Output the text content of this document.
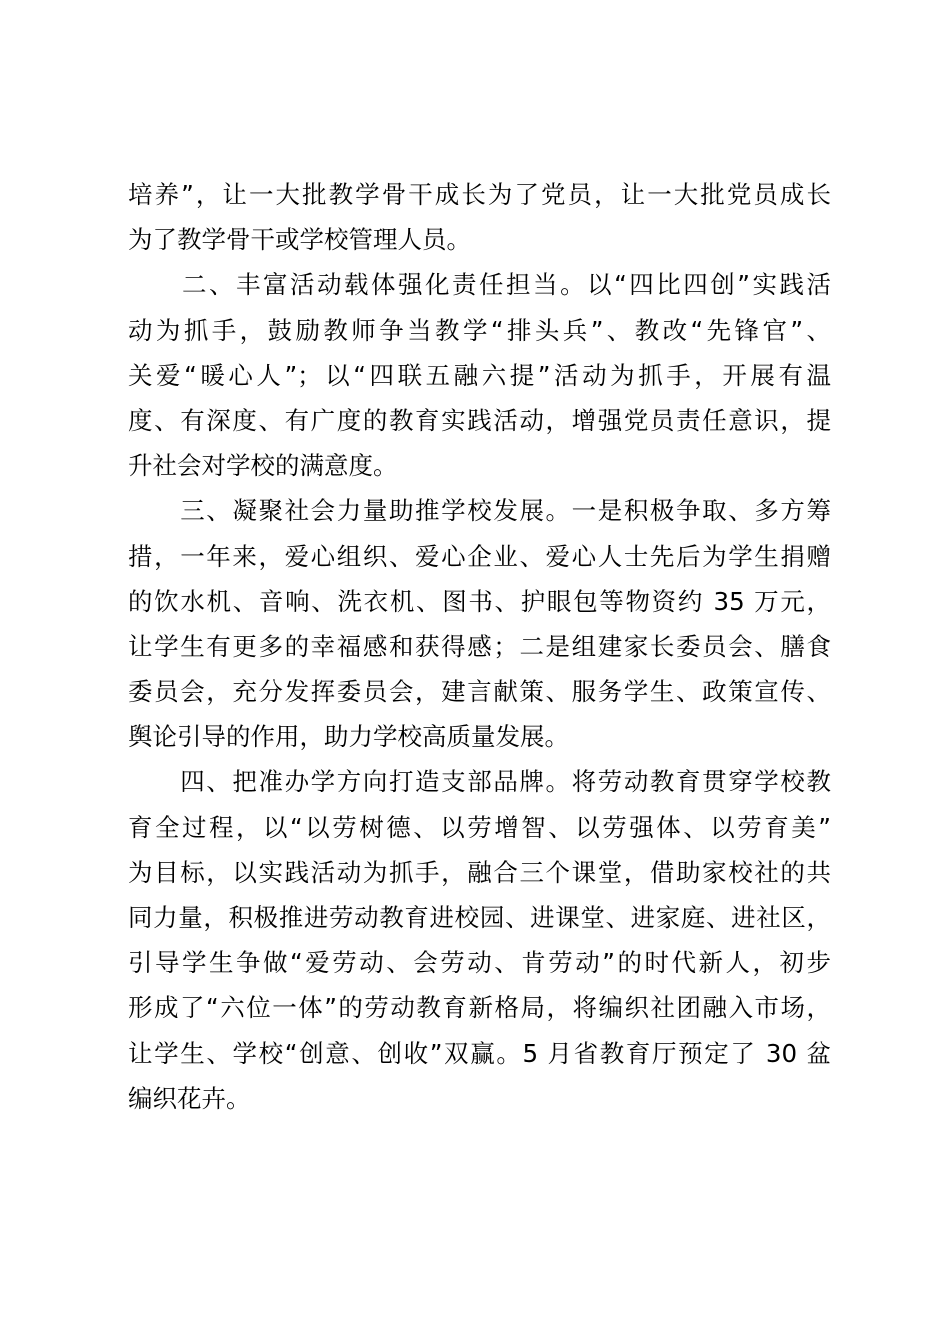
培养”，让一大批教学骨干成长为了党员，让一大批党员成长
为了教学骨干或学校管理人员。
　　二、丰富活动载体强化责任担当。以“四比四创”实践活
动为抓手，鼓励教师争当教学“排头兵”、教改“先锋官”、
关爱“暖心人”；以“四联五融六提”活动为抓手，开展有温
度、有深度、有广度的教育实践活动，增强党员责任意识，提
升社会对学校的满意度。
　　三、凝聚社会力量助推学校发展。一是积极争取、多方筹
措，一年来，爱心组织、爱心企业、爱心人士先后为学生捐赠
的饮水机、音响、洗衣机、图书、护眼包等物资约 35 万元，
让学生有更多的幸福感和获得感；二是组建家长委员会、膳食
委员会，充分发挥委员会，建言献策、服务学生、政策宣传、
舆论引导的作用，助力学校高质量发展。
　　四、把准办学方向打造支部品牌。将劳动教育贯穿学校教
育全过程，以“以劳树德、以劳增智、以劳强体、以劳育美”
为目标，以实践活动为抓手，融合三个课堂，借助家校社的共
同力量，积极推进劳动教育进校园、进课堂、进家庭、进社区，
引导学生争做“爱劳动、会劳动、肯劳动”的时代新人，初步
形成了“六位一体”的劳动教育新格局，将编织社团融入市场，
让学生、学校“创意、创收”双赢。5 月省教育厅预定了 30 盆
编织花卉。
